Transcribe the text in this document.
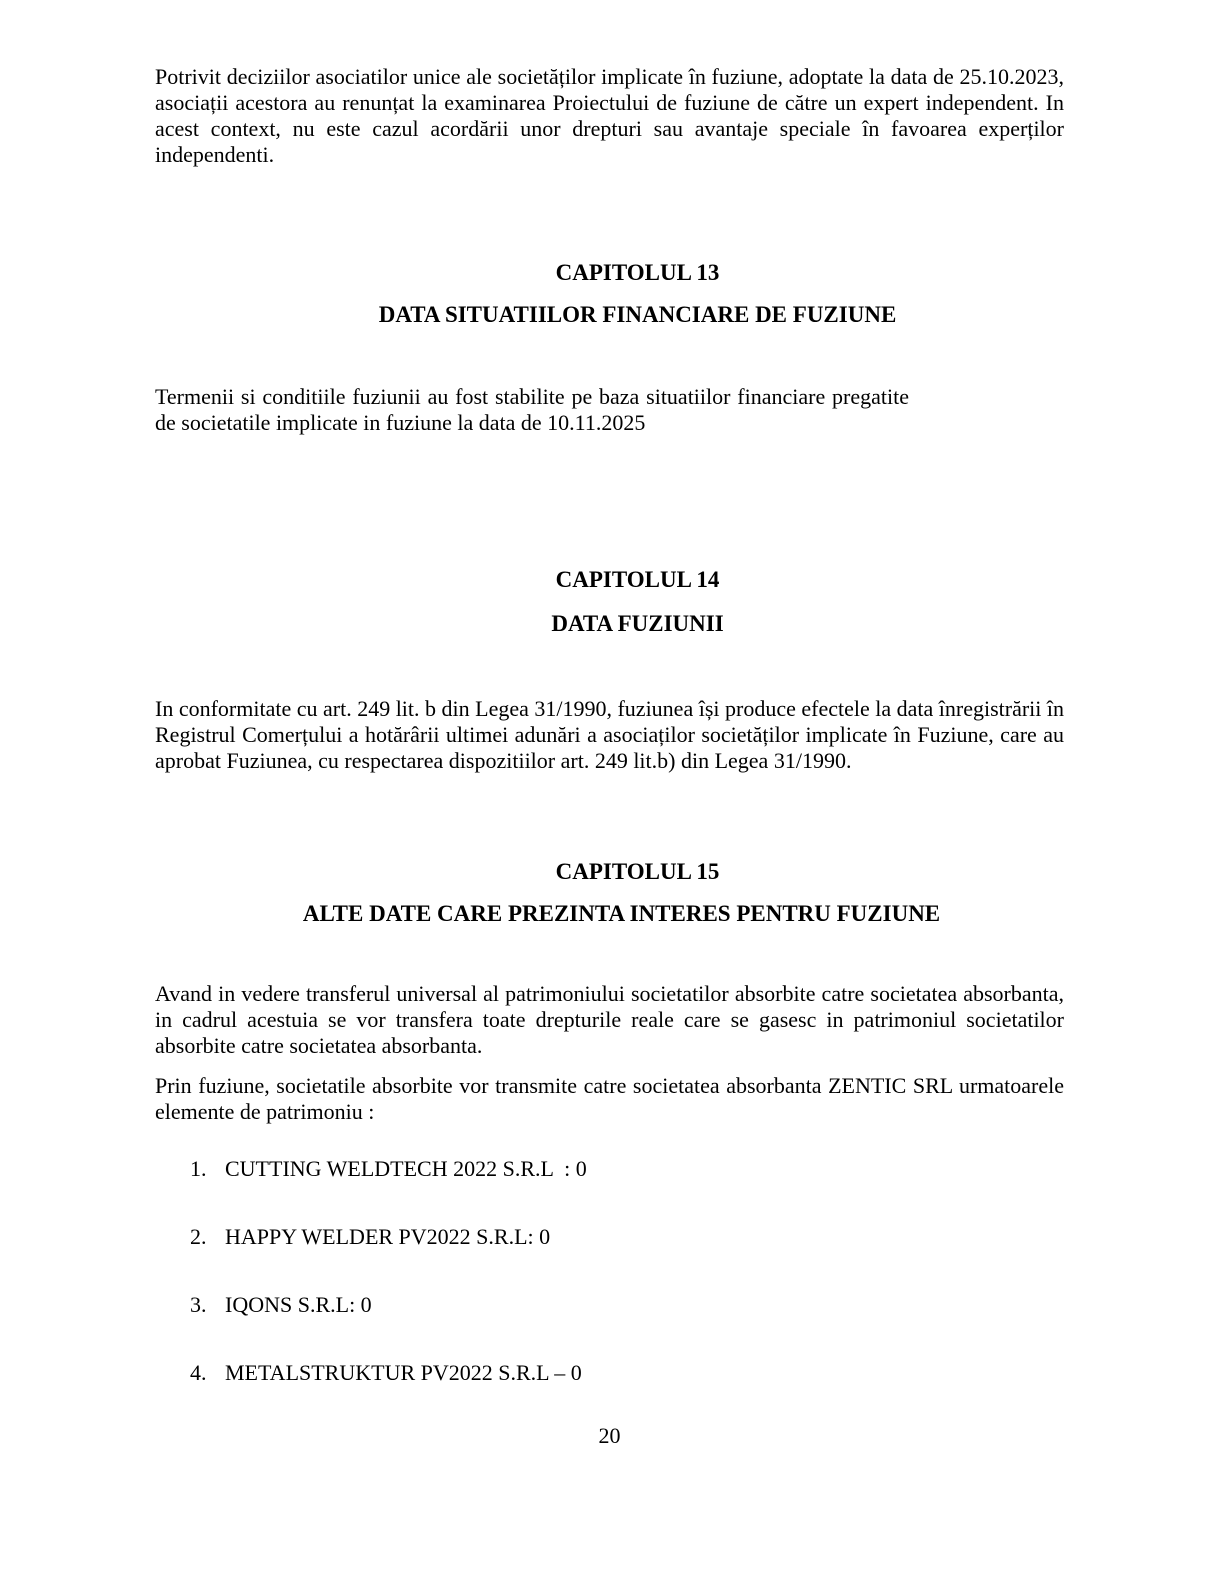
Potrivit deciziilor asociatilor unice ale societăților implicate în fuziune, adoptate la data de 25.10.2023, asociații acestora au renunțat la examinarea Proiectului de fuziune de către un expert independent. In acest context, nu este cazul acordării unor drepturi sau avantaje speciale în favoarea experților independenti.

CAPITOLUL 13
DATA SITUATIILOR FINANCIARE DE FUZIUNE

Termenii si conditiile fuziunii au fost stabilite pe baza situatiilor financiare pregatite de societatile implicate in fuziune la data de 10.11.2025

CAPITOLUL 14
DATA FUZIUNII

In conformitate cu art. 249 lit. b din Legea 31/1990, fuziunea își produce efectele la data înregistrării în Registrul Comerțului a hotărârii ultimei adunări a asociaților societăților implicate în Fuziune, care au aprobat Fuziunea, cu respectarea dispozitiilor art. 249 lit.b) din Legea 31/1990.

CAPITOLUL 15
ALTE DATE CARE PREZINTA INTERES PENTRU FUZIUNE

Avand in vedere transferul universal al patrimoniului societatilor absorbite catre societatea absorbanta, in cadrul acestuia se vor transfera toate drepturile reale care se gasesc in patrimoniul societatilor absorbite catre societatea absorbanta.

Prin fuziune, societatile absorbite vor transmite catre societatea absorbanta ZENTIC SRL urmatoarele elemente de patrimoniu :

1. CUTTING WELDTECH 2022 S.R.L  : 0
2. HAPPY WELDER PV2022 S.R.L: 0
3. IQONS S.R.L: 0
4. METALSTRUKTUR PV2022 S.R.L – 0
20
